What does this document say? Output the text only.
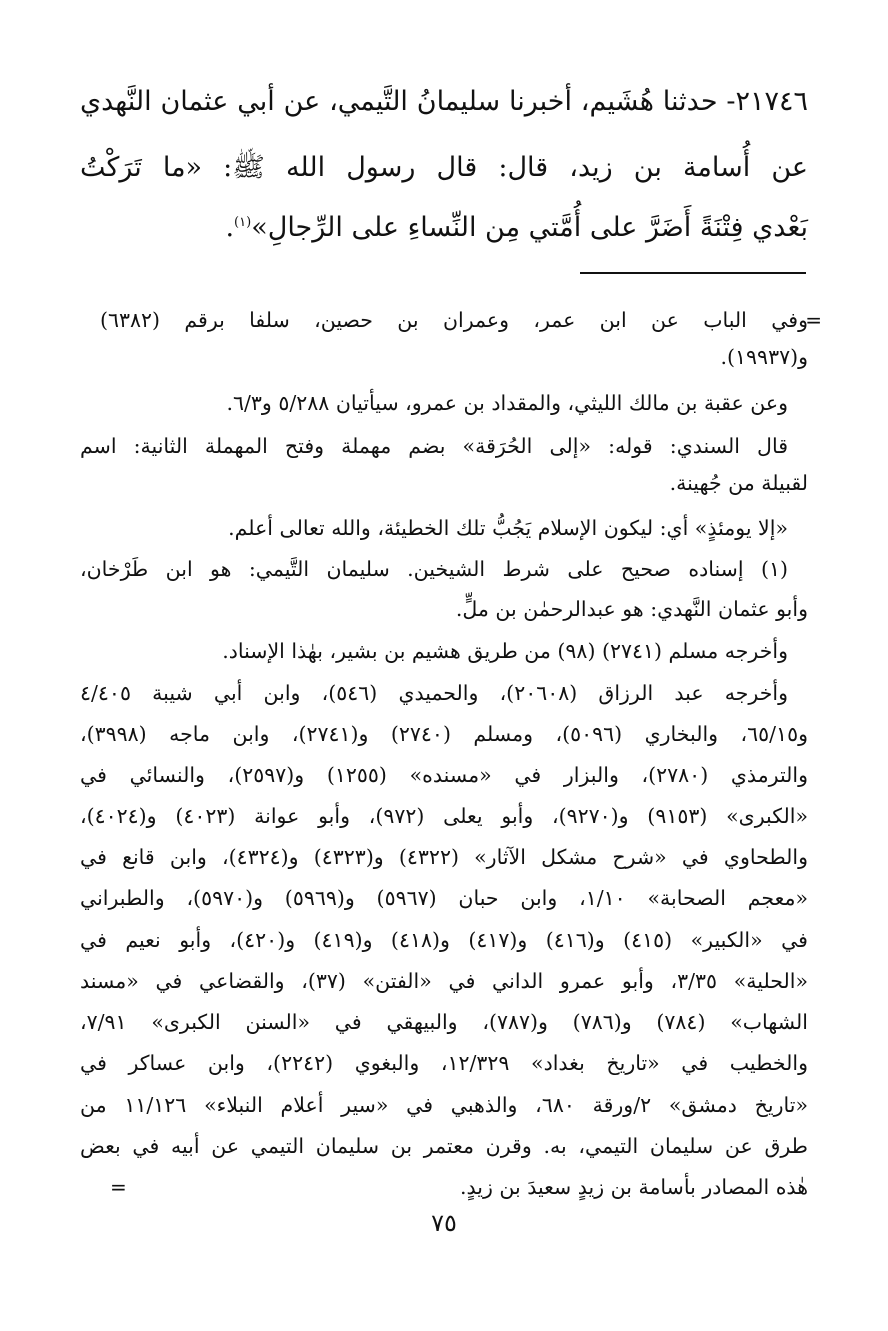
٢١٧٤٦- حدثنا هُشَيم، أخبرنا سليمانُ التَّيمي، عن أبي عثمان النَّهدي
عن أُسامة بن زيد، قال: قال رسول الله ﷺ: «ما تَرَكْتُ
بَعْدي فِتْنَةً أَضَرَّ على أُمَّتي مِن النِّساءِ على الرِّجالِ»$^{(١)}$.
=
وفي الباب عن ابن عمر، وعمران بن حصين، سلفا برقم (٦٣٨٢)
و(١٩٩٣٧).
وعن عقبة بن مالك الليثي، والمقداد بن عمرو، سيأتيان ٥/٢٨٨ و٦/٣.
قال السندي: قوله: «إلى الحُرَقة» بضم مهملة وفتح المهملة الثانية: اسم
لقبيلة من جُهينة.
«إلا يومئذٍ» أي: ليكون الإسلام يَجُبُّ تلك الخطيئة، والله تعالى أعلم.
(١) إسناده صحيح على شرط الشيخين. سليمان التَّيمي: هو ابن طَرْخان،
وأبو عثمان النَّهدي: هو عبدالرحمٰن بن ملٍّ.
وأخرجه مسلم (٢٧٤١) (٩٨) من طريق هشيم بن بشير، بهٰذا الإسناد.
وأخرجه عبد الرزاق (٢٠٦٠٨)، والحميدي (٥٤٦)، وابن أبي شيبة ٤/٤٠٥
و٦٥/١٥، والبخاري (٥٠٩٦)، ومسلم (٢٧٤٠) و(٢٧٤١)، وابن ماجه (٣٩٩٨)،
والترمذي (٢٧٨٠)، والبزار في «مسنده» (١٢٥٥) و(٢٥٩٧)، والنسائي في
«الكبرى» (٩١٥٣) و(٩٢٧٠)، وأبو يعلى (٩٧٢)، وأبو عوانة (٤٠٢٣) و(٤٠٢٤)،
والطحاوي في «شرح مشكل الآثار» (٤٣٢٢) و(٤٣٢٣) و(٤٣٢٤)، وابن قانع في
«معجم الصحابة» ١/١٠، وابن حبان (٥٩٦٧) و(٥٩٦٩) و(٥٩٧٠)، والطبراني
في «الكبير» (٤١٥) و(٤١٦) و(٤١٧) و(٤١٨) و(٤١٩) و(٤٢٠)، وأبو نعيم في
«الحلية» ٣/٣٥، وأبو عمرو الداني في «الفتن» (٣٧)، والقضاعي في «مسند
الشهاب» (٧٨٤) و(٧٨٦) و(٧٨٧)، والبيهقي في «السنن الكبرى» ٧/٩١،
والخطيب في «تاريخ بغداد» ١٢/٣٢٩، والبغوي (٢٢٤٢)، وابن عساكر في
«تاريخ دمشق» ٢/ورقة ٦٨٠، والذهبي في «سير أعلام النبلاء» ١١/١٢٦ من
طرق عن سليمان التيمي، به. وقرن معتمر بن سليمان التيمي عن أبيه في بعض
هٰذه المصادر بأسامة بن زيدٍ سعيدَ بن زيدٍ.
=
٧٥
